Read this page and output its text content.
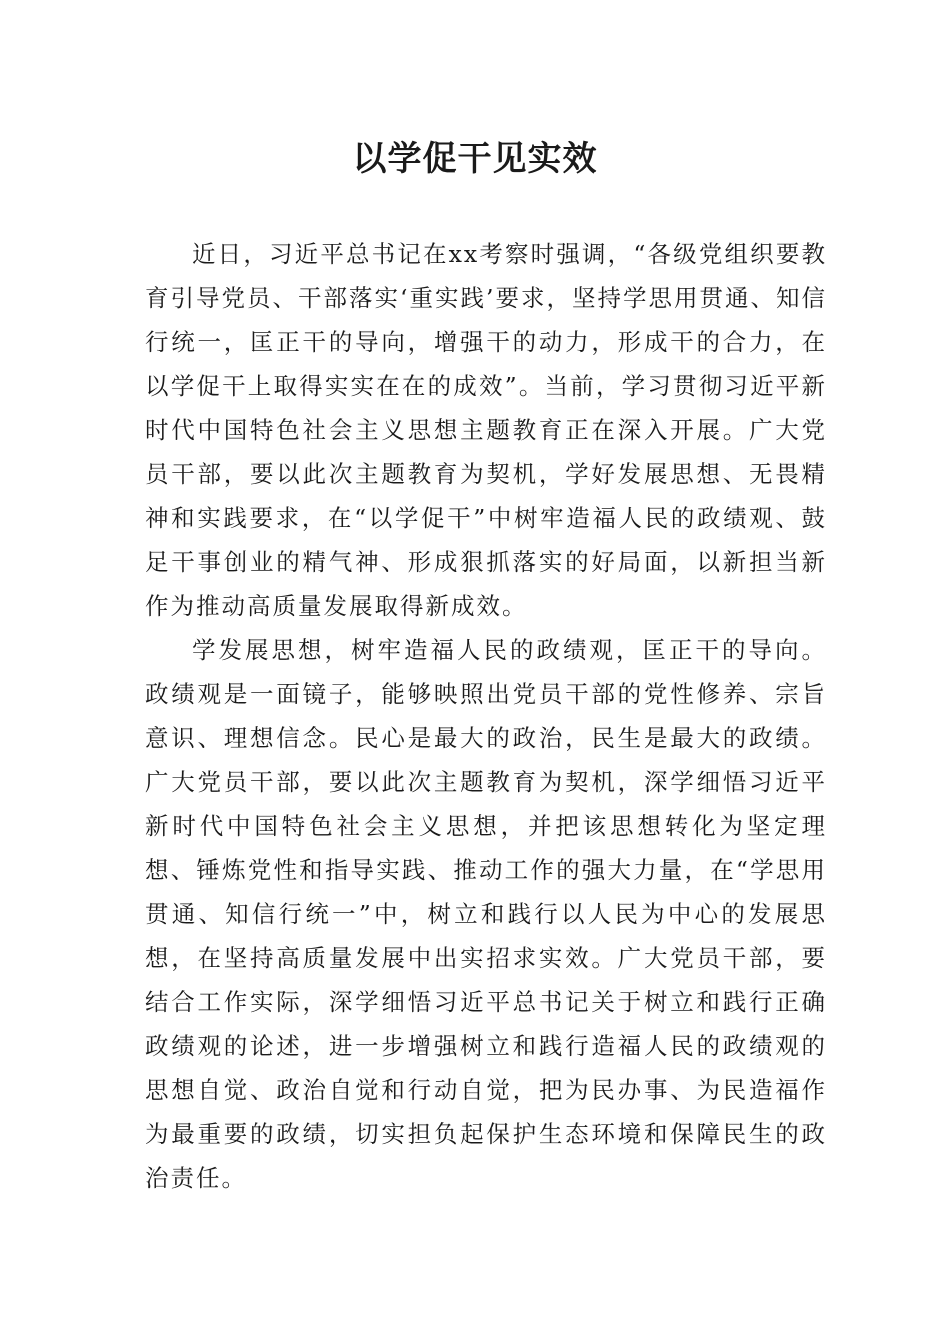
以学促干见实效

近日，习近平总书记在xx考察时强调，“各级党组织要教育引导党员、干部落实‘重实践’要求，坚持学思用贯通、知信行统一，匡正干的导向，增强干的动力，形成干的合力，在以学促干上取得实实在在的成效”。当前，学习贯彻习近平新时代中国特色社会主义思想主题教育正在深入开展。广大党员干部，要以此次主题教育为契机，学好发展思想、无畏精神和实践要求，在“以学促干”中树牢造福人民的政绩观、鼓足干事创业的精气神、形成狠抓落实的好局面，以新担当新作为推动高质量发展取得新成效。

学发展思想，树牢造福人民的政绩观，匡正干的导向。政绩观是一面镜子，能够映照出党员干部的党性修养、宗旨意识、理想信念。民心是最大的政治，民生是最大的政绩。广大党员干部，要以此次主题教育为契机，深学细悟习近平新时代中国特色社会主义思想，并把该思想转化为坚定理想、锤炼党性和指导实践、推动工作的强大力量，在“学思用贯通、知信行统一”中，树立和践行以人民为中心的发展思想，在坚持高质量发展中出实招求实效。广大党员干部，要结合工作实际，深学细悟习近平总书记关于树立和践行正确政绩观的论述，进一步增强树立和践行造福人民的政绩观的思想自觉、政治自觉和行动自觉，把为民办事、为民造福作为最重要的政绩，切实担负起保护生态环境和保障民生的政治责任。
